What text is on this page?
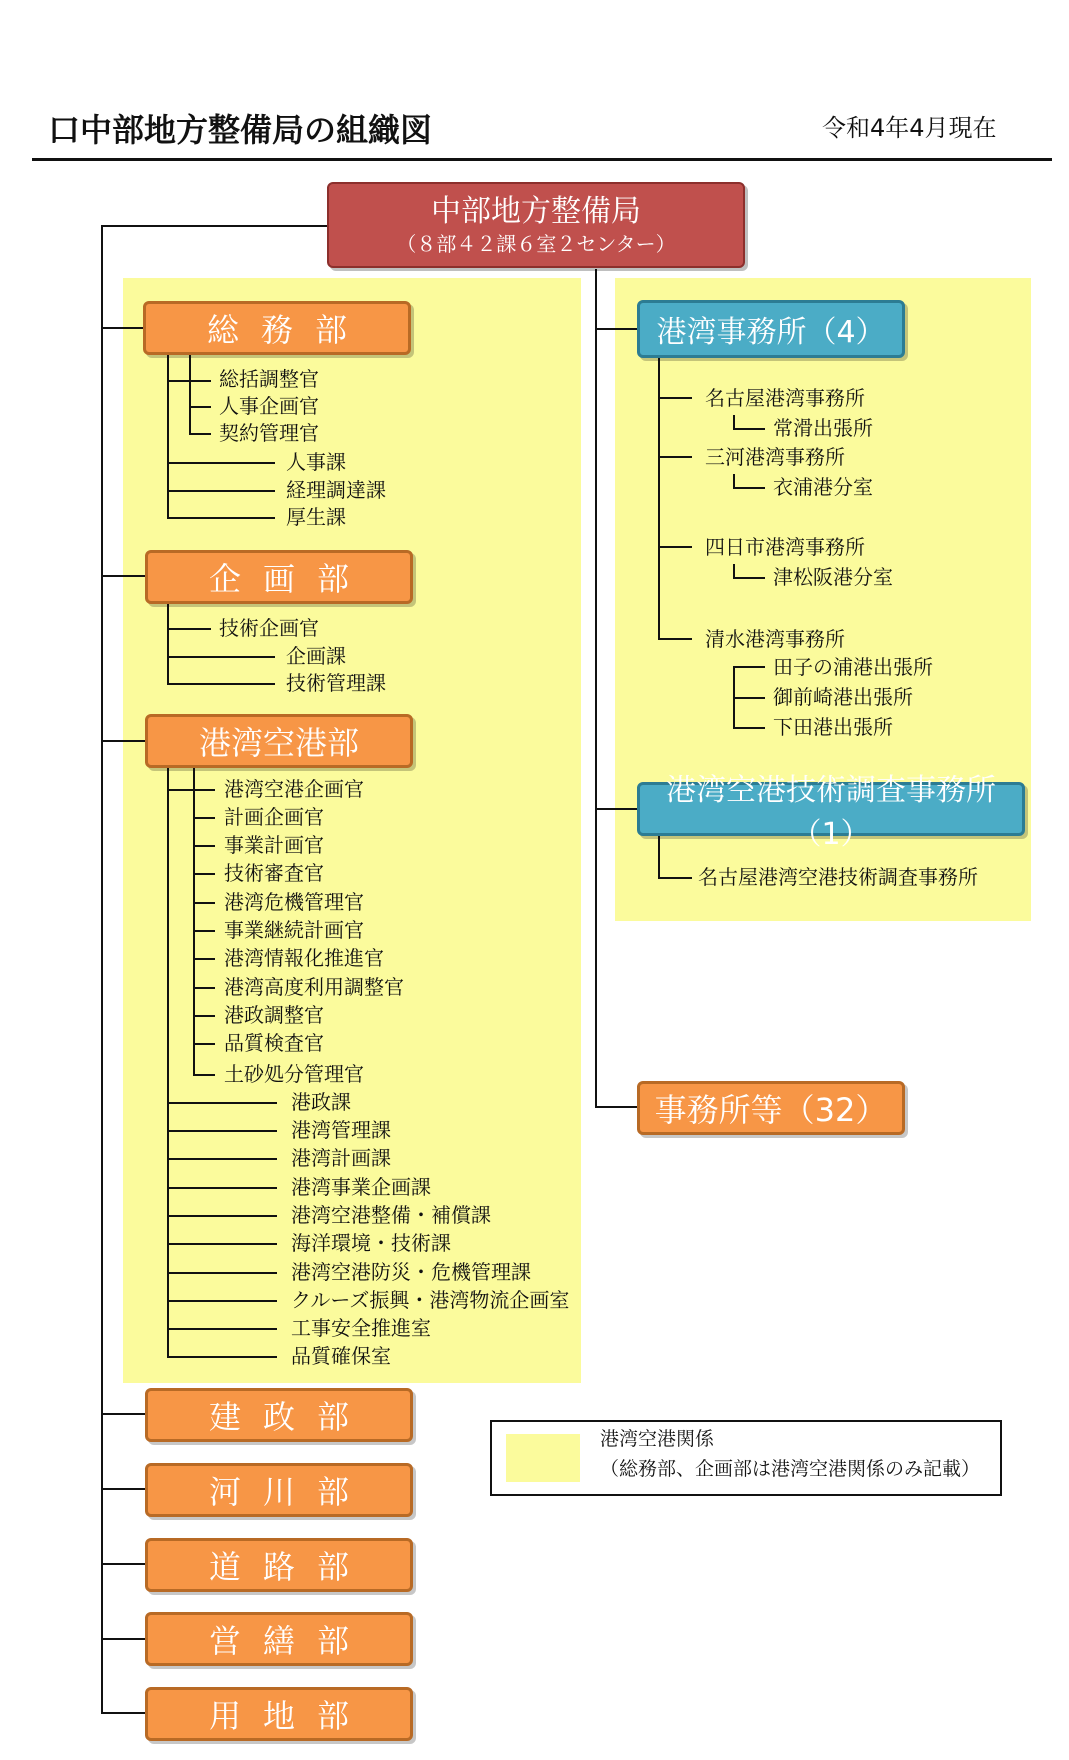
口中部地方整備局の組織図	令和4年4月現在
中部地方整備局
（８部４２課６室２センター）
総務部
企画部
港湾空港部
建政部
河川部
道路部
営繕部
用地部
総括調整官
人事企画官
契約管理官
人事課
経理調達課
厚生課
技術企画官
企画課
技術管理課
港湾空港企画官
計画企画官
事業計画官
技術審査官
港湾危機管理官
事業継続計画官
港湾情報化推進官
港湾高度利用調整官
港政調整官
品質検査官
土砂処分管理官
港政課
港湾管理課
港湾計画課
港湾事業企画課
港湾空港整備・補償課
海洋環境・技術課
港湾空港防災・危機管理課
クルーズ振興・港湾物流企画室
工事安全推進室
品質確保室
港湾事務所（4）
名古屋港湾事務所
三河港湾事務所
四日市港湾事務所
清水港湾事務所
常滑出張所
衣浦港分室
津松阪港分室
田子の浦港出張所
御前崎港出張所
下田港出張所
港湾空港技術調査事務所（1）
名古屋港湾空港技術調査事務所
事務所等（32）
港湾空港関係
（総務部、企画部は港湾空港関係のみ記載）
